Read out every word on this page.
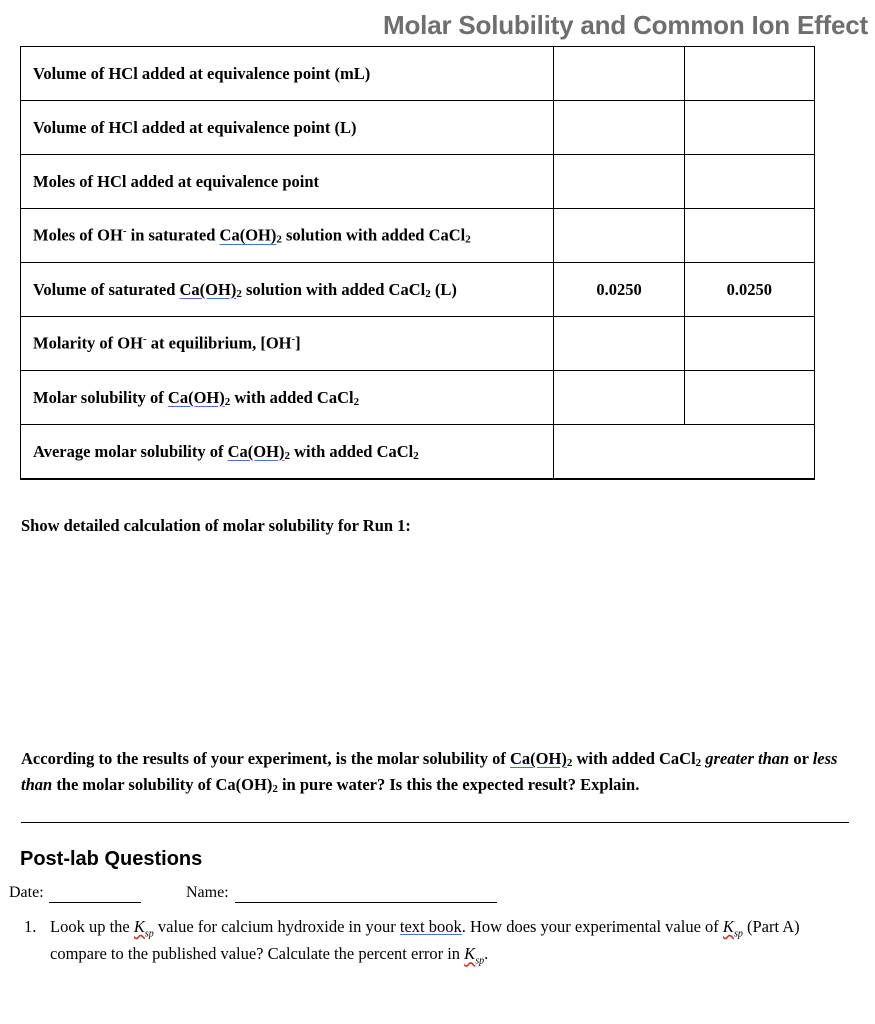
Molar Solubility and Common Ion Effect
Volume of HCl added at equivalence point (mL)		
Volume of HCl added at equivalence point (L)		
Moles of HCl added at equivalence point		
Moles of OH- in saturated $Ca(OH)_2$ solution with added CaCl$_2$		
Volume of saturated $Ca(OH)_2$ solution with added CaCl$_2$ (L)	0.0250	0.0250
Molarity of OH- at equilibrium, [OH-]		
Molar solubility of $Ca(OH)_2$ with added CaCl$_2$		
Average molar solubility of $Ca(OH)_2$ with added CaCl$_2$	
Show detailed calculation of molar solubility for Run 1:
According to the results of your experiment, is the molar solubility of $Ca(OH)_2$ with added CaCl$_2$ greater than or less than the molar solubility of $Ca(OH)_2$ in pure water? Is this the expected result? Explain.
Post-lab Questions
Date:	Name:
1. Look up the $K_{sp}$ value for calcium hydroxide in your text book. How does your experimental value of $K_{sp}$ (Part A) compare to the published value? Calculate the percent error in $K_{sp}$.
